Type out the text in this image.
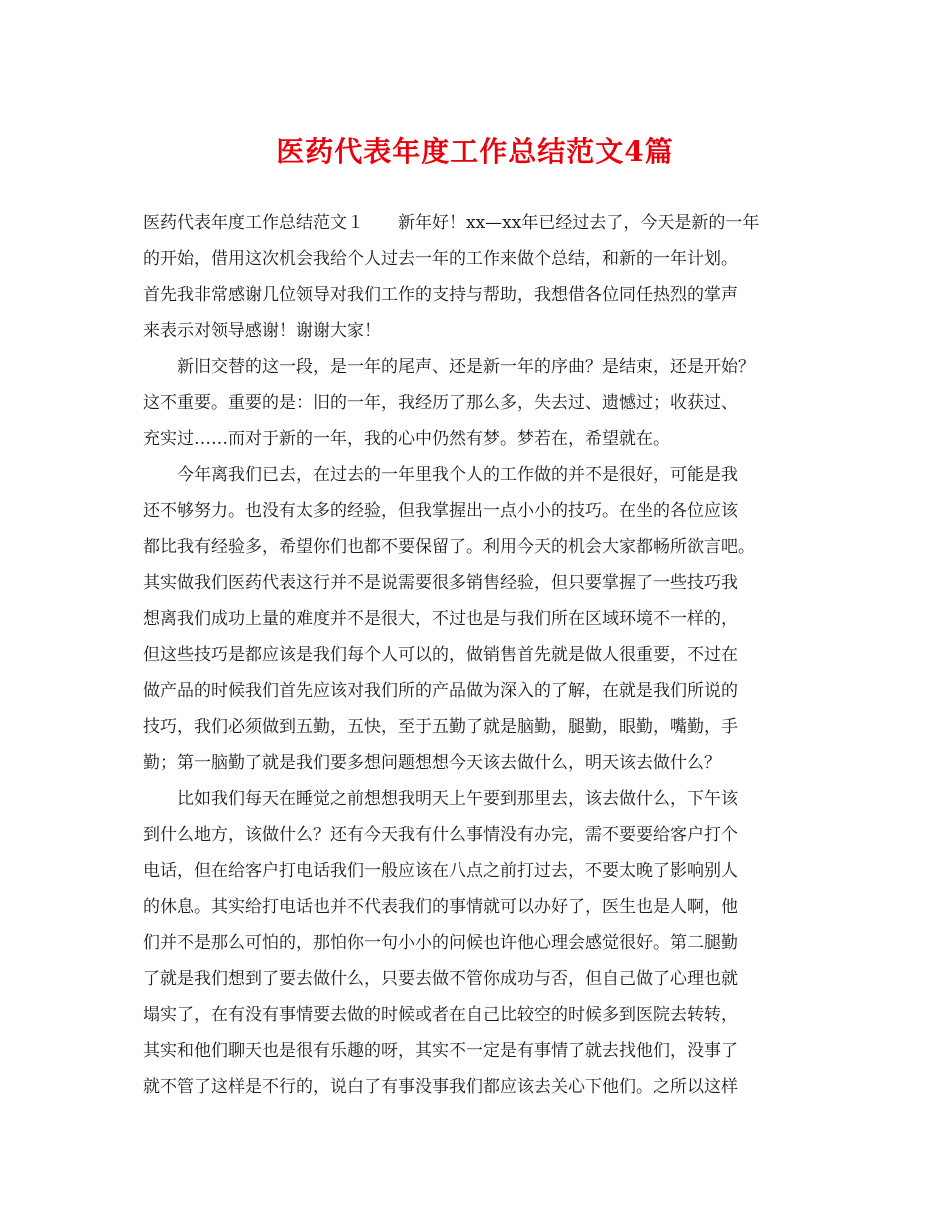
医药代表年度工作总结范文4篇
医药代表年度工作总结范文１　　新年好！xx—xx年已经过去了，今天是新的一年
的开始，借用这次机会我给个人过去一年的工作来做个总结，和新的一年计划。
首先我非常感谢几位领导对我们工作的支持与帮助，我想借各位同任热烈的掌声
来表示对领导感谢！谢谢大家！
　　新旧交替的这一段，是一年的尾声、还是新一年的序曲？是结束，还是开始？
这不重要。重要的是：旧的一年，我经历了那么多，失去过、遗憾过；收获过、
充实过……而对于新的一年，我的心中仍然有梦。梦若在，希望就在。
　　今年离我们已去，在过去的一年里我个人的工作做的并不是很好，可能是我
还不够努力。也没有太多的经验，但我掌握出一点小小的技巧。在坐的各位应该
都比我有经验多，希望你们也都不要保留了。利用今天的机会大家都畅所欲言吧。
其实做我们医药代表这行并不是说需要很多销售经验，但只要掌握了一些技巧我
想离我们成功上量的难度并不是很大，不过也是与我们所在区域环境不一样的，
但这些技巧是都应该是我们每个人可以的，做销售首先就是做人很重要，不过在
做产品的时候我们首先应该对我们所的产品做为深入的了解，在就是我们所说的
技巧，我们必须做到五勤，五快，至于五勤了就是脑勤，腿勤，眼勤，嘴勤，手
勤；第一脑勤了就是我们要多想问题想想今天该去做什么，明天该去做什么？
　　比如我们每天在睡觉之前想想我明天上午要到那里去，该去做什么，下午该
到什么地方，该做什么？还有今天我有什么事情没有办完，需不要要给客户打个
电话，但在给客户打电话我们一般应该在八点之前打过去，不要太晚了影响别人
的休息。其实给打电话也并不代表我们的事情就可以办好了，医生也是人啊，他
们并不是那么可怕的，那怕你一句小小的问候也许他心理会感觉很好。第二腿勤
了就是我们想到了要去做什么，只要去做不管你成功与否，但自己做了心理也就
塌实了，在有没有事情要去做的时候或者在自己比较空的时候多到医院去转转，
其实和他们聊天也是很有乐趣的呀，其实不一定是有事情了就去找他们，没事了
就不管了这样是不行的，说白了有事没事我们都应该去关心下他们。之所以这样
